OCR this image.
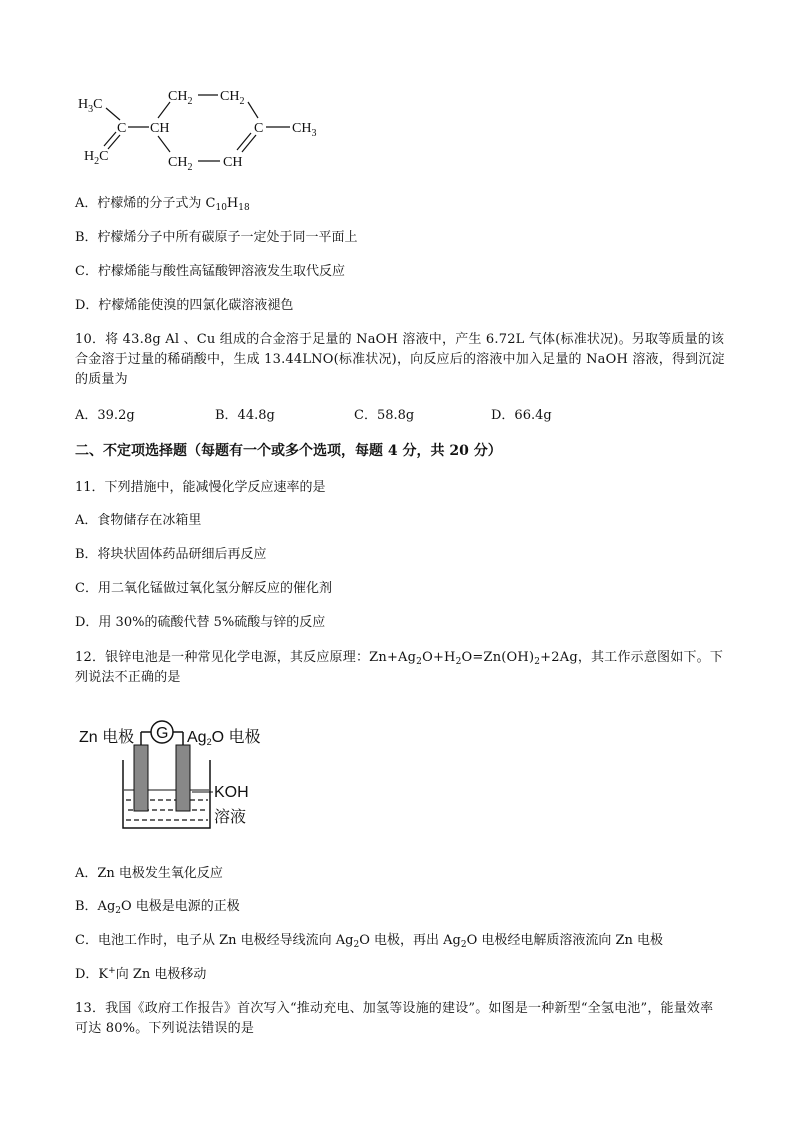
$H_3C$
C CH
$H_2C$
$CH_2$ $CH_2$
$CH_2$ CH
C $CH_3$
A．柠檬烯的分子式为 $C_{10}H_{18}$
B．柠檬烯分子中所有碳原子一定处于同一平面上
C．柠檬烯能与酸性高锰酸钾溶液发生取代反应
D．柠檬烯能使溴的四氯化碳溶液褪色
10．将 43.8g Al 、Cu 组成的合金溶于足量的 NaOH 溶液中，产生 6.72L 气体(标准状况)。另取等质量的该合金溶于过量的稀硝酸中，生成 13.44LNO(标准状况)，向反应后的溶液中加入足量的 NaOH 溶液，得到沉淀的质量为
A．39.2g	B．44.8g	C．58.8g	D．66.4g
二、不定项选择题（每题有一个或多个选项，每题 4 分，共 20 分）
11．下列措施中，能减慢化学反应速率的是
A．食物储存在冰箱里
B．将块状固体药品研细后再反应
C．用二氧化锰做过氧化氢分解反应的催化剂
D．用 30%的硫酸代替 5%硫酸与锌的反应
12．银锌电池是一种常见化学电源，其反应原理：$Zn+Ag_2O+H_2O=Zn(OH)_2+2Ag$，其工作示意图如下。下列说法不正确的是
G
Zn 电极	$Ag_2O$ 电极
KOH
溶液
A．Zn 电极发生氧化反应
B．$Ag_2O$ 电极是电源的正极
C．电池工作时，电子从 Zn 电极经导线流向 $Ag_2O$ 电极，再出 $Ag_2O$ 电极经电解质溶液流向 Zn 电极
D．K+向 Zn 电极移动
13．我国《政府工作报告》首次写入“推动充电、加氢等设施的建设”。如图是一种新型“全氢电池”，能量效率可达 80%。下列说法错误的是
